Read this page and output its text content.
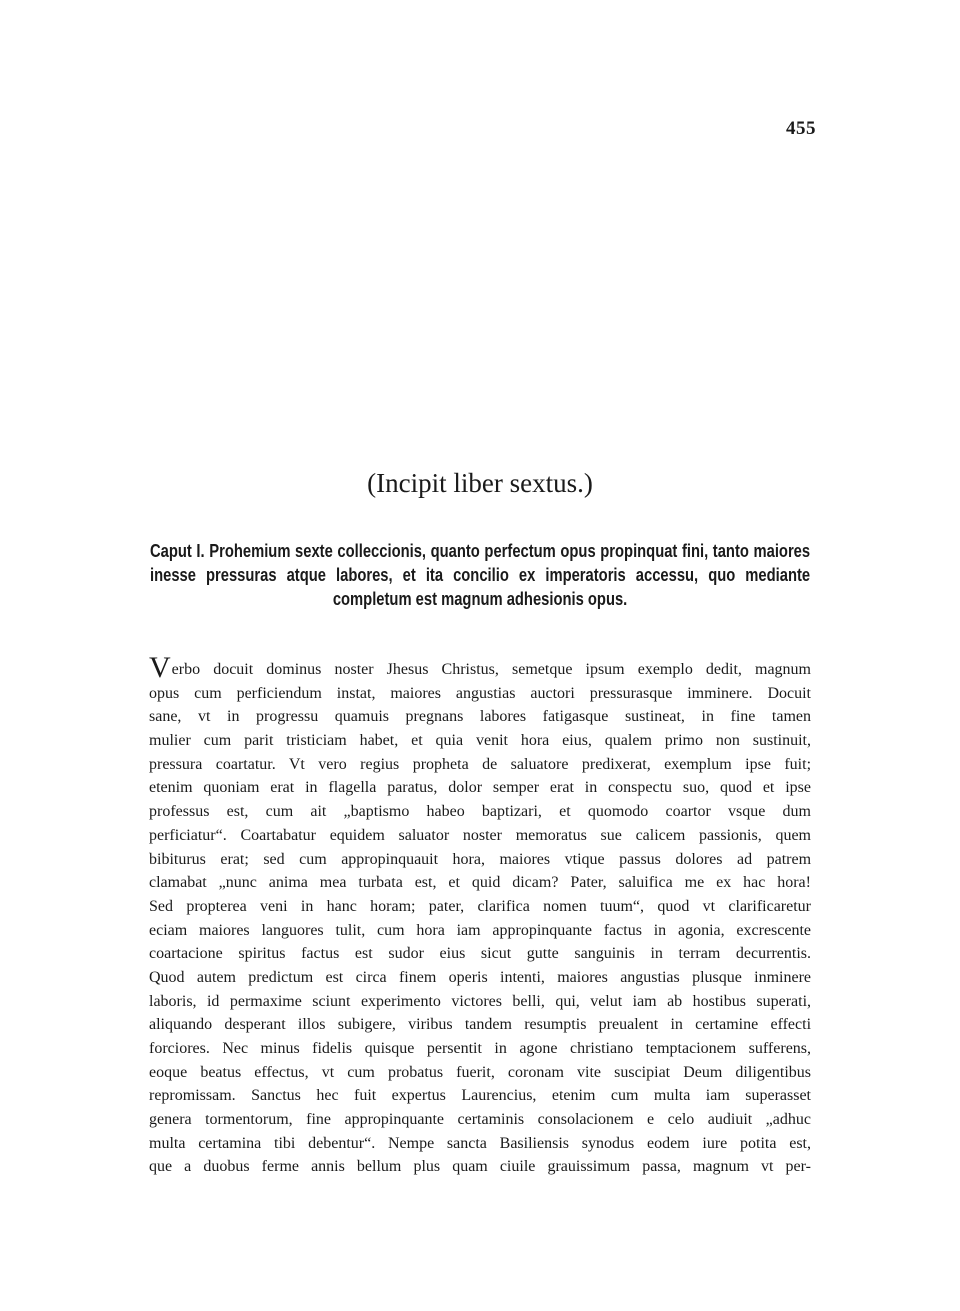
455
(Incipit liber sextus.)
Caput I. Prohemium sexte colleccionis, quanto perfectum opus propinquat fini, tanto maiores inesse pressuras atque labores, et ita concilio ex imperatoris accessu, quo mediante completum est magnum adhesionis opus.
Verbo docuit dominus noster Jhesus Christus, semetque ipsum exemplo dedit, magnum
opus cum perficiendum instat, maiores angustias auctori pressurasque imminere. Docuit
sane, vt in progressu quamuis pregnans labores fatigasque sustineat, in fine tamen
mulier cum parit tristiciam habet, et quia venit hora eius, qualem primo non sustinuit,
pressura coartatur. Vt vero regius propheta de saluatore predixerat, exemplum ipse fuit;
etenim quoniam erat in flagella paratus, dolor semper erat in conspectu suo, quod et ipse
professus est, cum ait „baptismo habeo baptizari, et quomodo coartor vsque dum
perficiatur“. Coartabatur equidem saluator noster memoratus sue calicem passionis, quem
bibiturus erat; sed cum appropinquauit hora, maiores vtique passus dolores ad patrem
clamabat „nunc anima mea turbata est, et quid dicam? Pater, saluifica me ex hac hora!
Sed propterea veni in hanc horam; pater, clarifica nomen tuum“, quod vt clarificaretur
eciam maiores languores tulit, cum hora iam appropinquante factus in agonia, excrescente
coartacione spiritus factus est sudor eius sicut gutte sanguinis in terram decurrentis.
Quod autem predictum est circa finem operis intenti, maiores angustias plusque inminere
laboris, id permaxime sciunt experimento victores belli, qui, velut iam ab hostibus superati,
aliquando desperant illos subigere, viribus tandem resumptis preualent in certamine effecti
forciores. Nec minus fidelis quisque persentit in agone christiano temptacionem sufferens,
eoque beatus effectus, vt cum probatus fuerit, coronam vite suscipiat Deum diligentibus
repromissam. Sanctus hec fuit expertus Laurencius, etenim cum multa iam superasset
genera tormentorum, fine appropinquante certaminis consolacionem e celo audiuit „adhuc
multa certamina tibi debentur“. Nempe sancta Basiliensis synodus eodem iure potita est,
que a duobus ferme annis bellum plus quam ciuile grauissimum passa, magnum vt per-
